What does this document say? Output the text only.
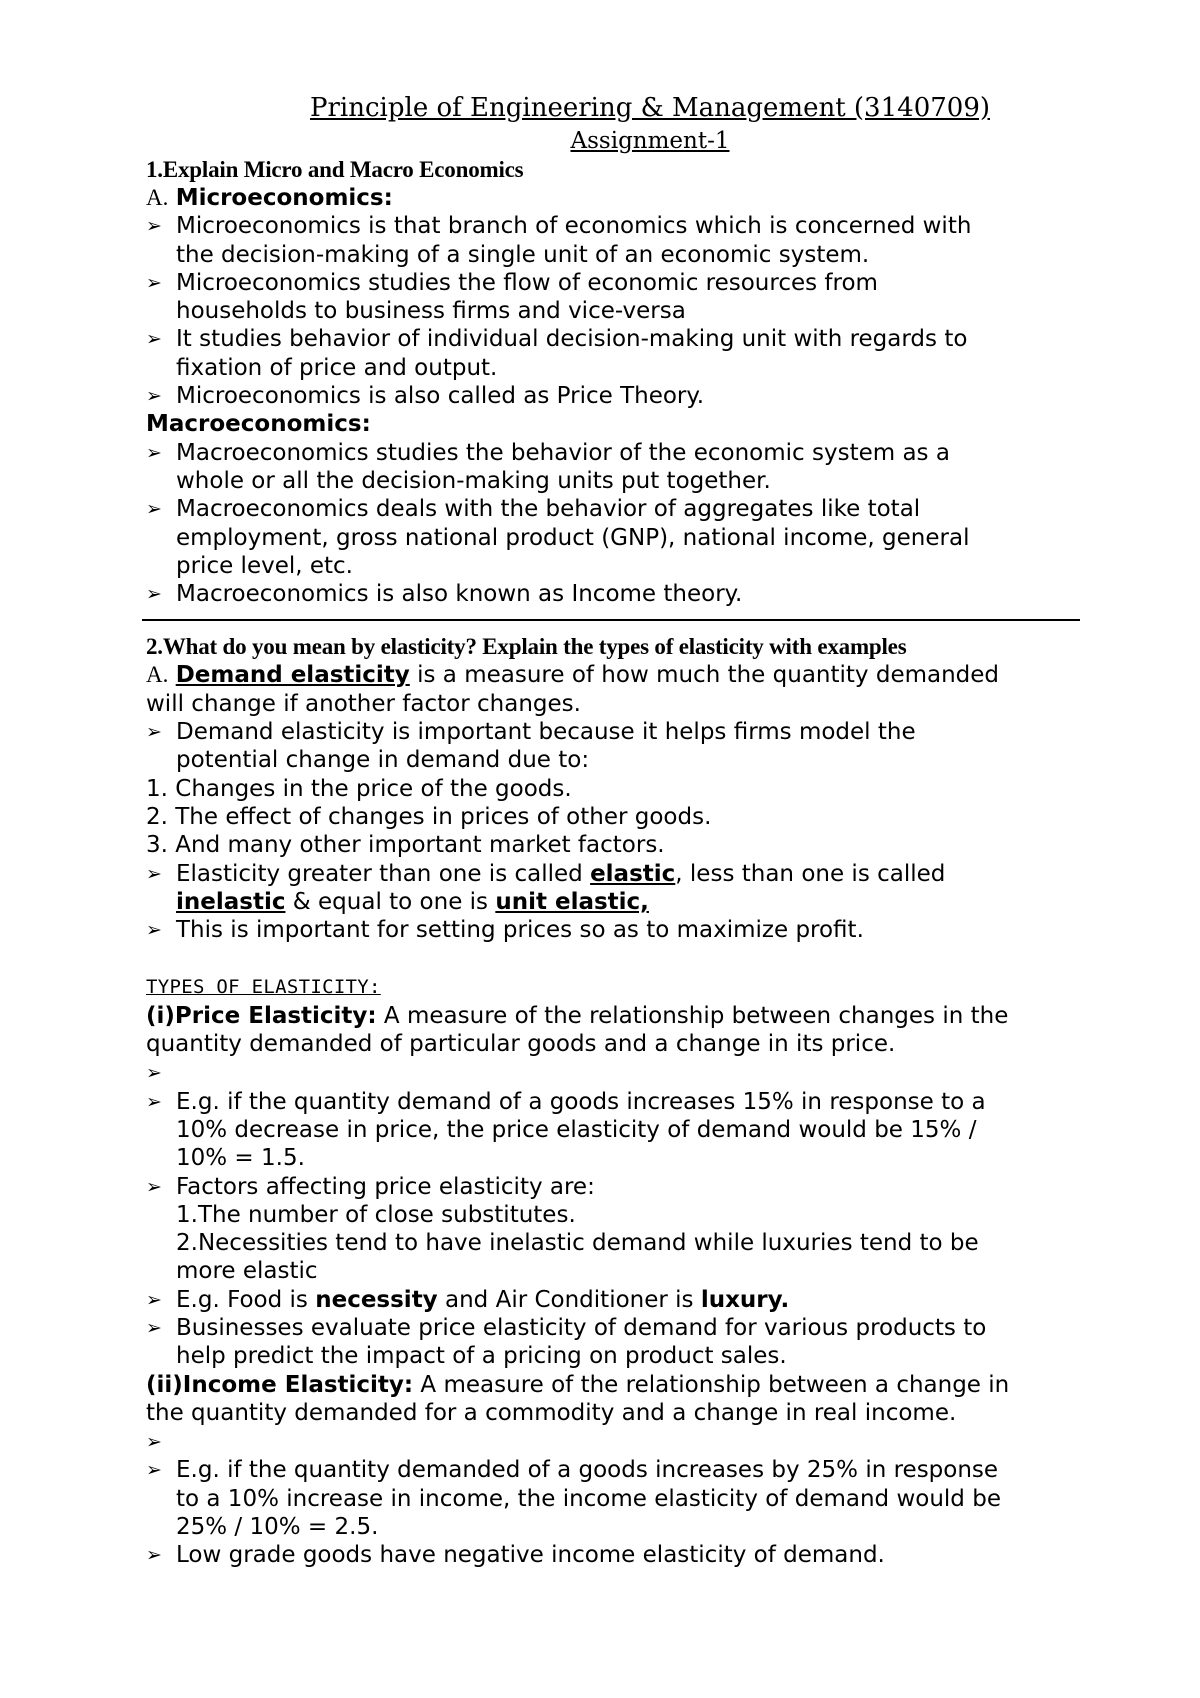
Principle of Engineering & Management (3140709)
Assignment-1
1.Explain Micro and Macro Economics
A. Microeconomics:
➢ Microeconomics is that branch of economics which is concerned with
the decision-making of a single unit of an economic system.
➢ Microeconomics studies the flow of economic resources from
households to business firms and vice-versa
➢ It studies behavior of individual decision-making unit with regards to
fixation of price and output.
➢ Microeconomics is also called as Price Theory.
Macroeconomics:
➢ Macroeconomics studies the behavior of the economic system as a
whole or all the decision-making units put together.
➢ Macroeconomics deals with the behavior of aggregates like total
employment, gross national product (GNP), national income, general
price level, etc.
➢ Macroeconomics is also known as Income theory.
2.What do you mean by elasticity? Explain the types of elasticity with examples
A. Demand elasticity is a measure of how much the quantity demanded
will change if another factor changes.
➢ Demand elasticity is important because it helps firms model the
potential change in demand due to:
1. Changes in the price of the goods.
2. The effect of changes in prices of other goods.
3. And many other important market factors.
➢ Elasticity greater than one is called elastic, less than one is called
inelastic & equal to one is unit elastic,
➢ This is important for setting prices so as to maximize profit.
TYPES OF ELASTICITY:
(i)Price Elasticity: A measure of the relationship between changes in the
quantity demanded of particular goods and a change in its price.
➢
➢ E.g. if the quantity demand of a goods increases 15% in response to a
10% decrease in price, the price elasticity of demand would be 15% /
10% = 1.5.
➢ Factors affecting price elasticity are:
1.The number of close substitutes.
2.Necessities tend to have inelastic demand while luxuries tend to be
more elastic
➢ E.g. Food is necessity and Air Conditioner is luxury.
➢ Businesses evaluate price elasticity of demand for various products to
help predict the impact of a pricing on product sales.
(ii)Income Elasticity: A measure of the relationship between a change in
the quantity demanded for a commodity and a change in real income.
➢
➢ E.g. if the quantity demanded of a goods increases by 25% in response
to a 10% increase in income, the income elasticity of demand would be
25% / 10% = 2.5.
➢ Low grade goods have negative income elasticity of demand.
